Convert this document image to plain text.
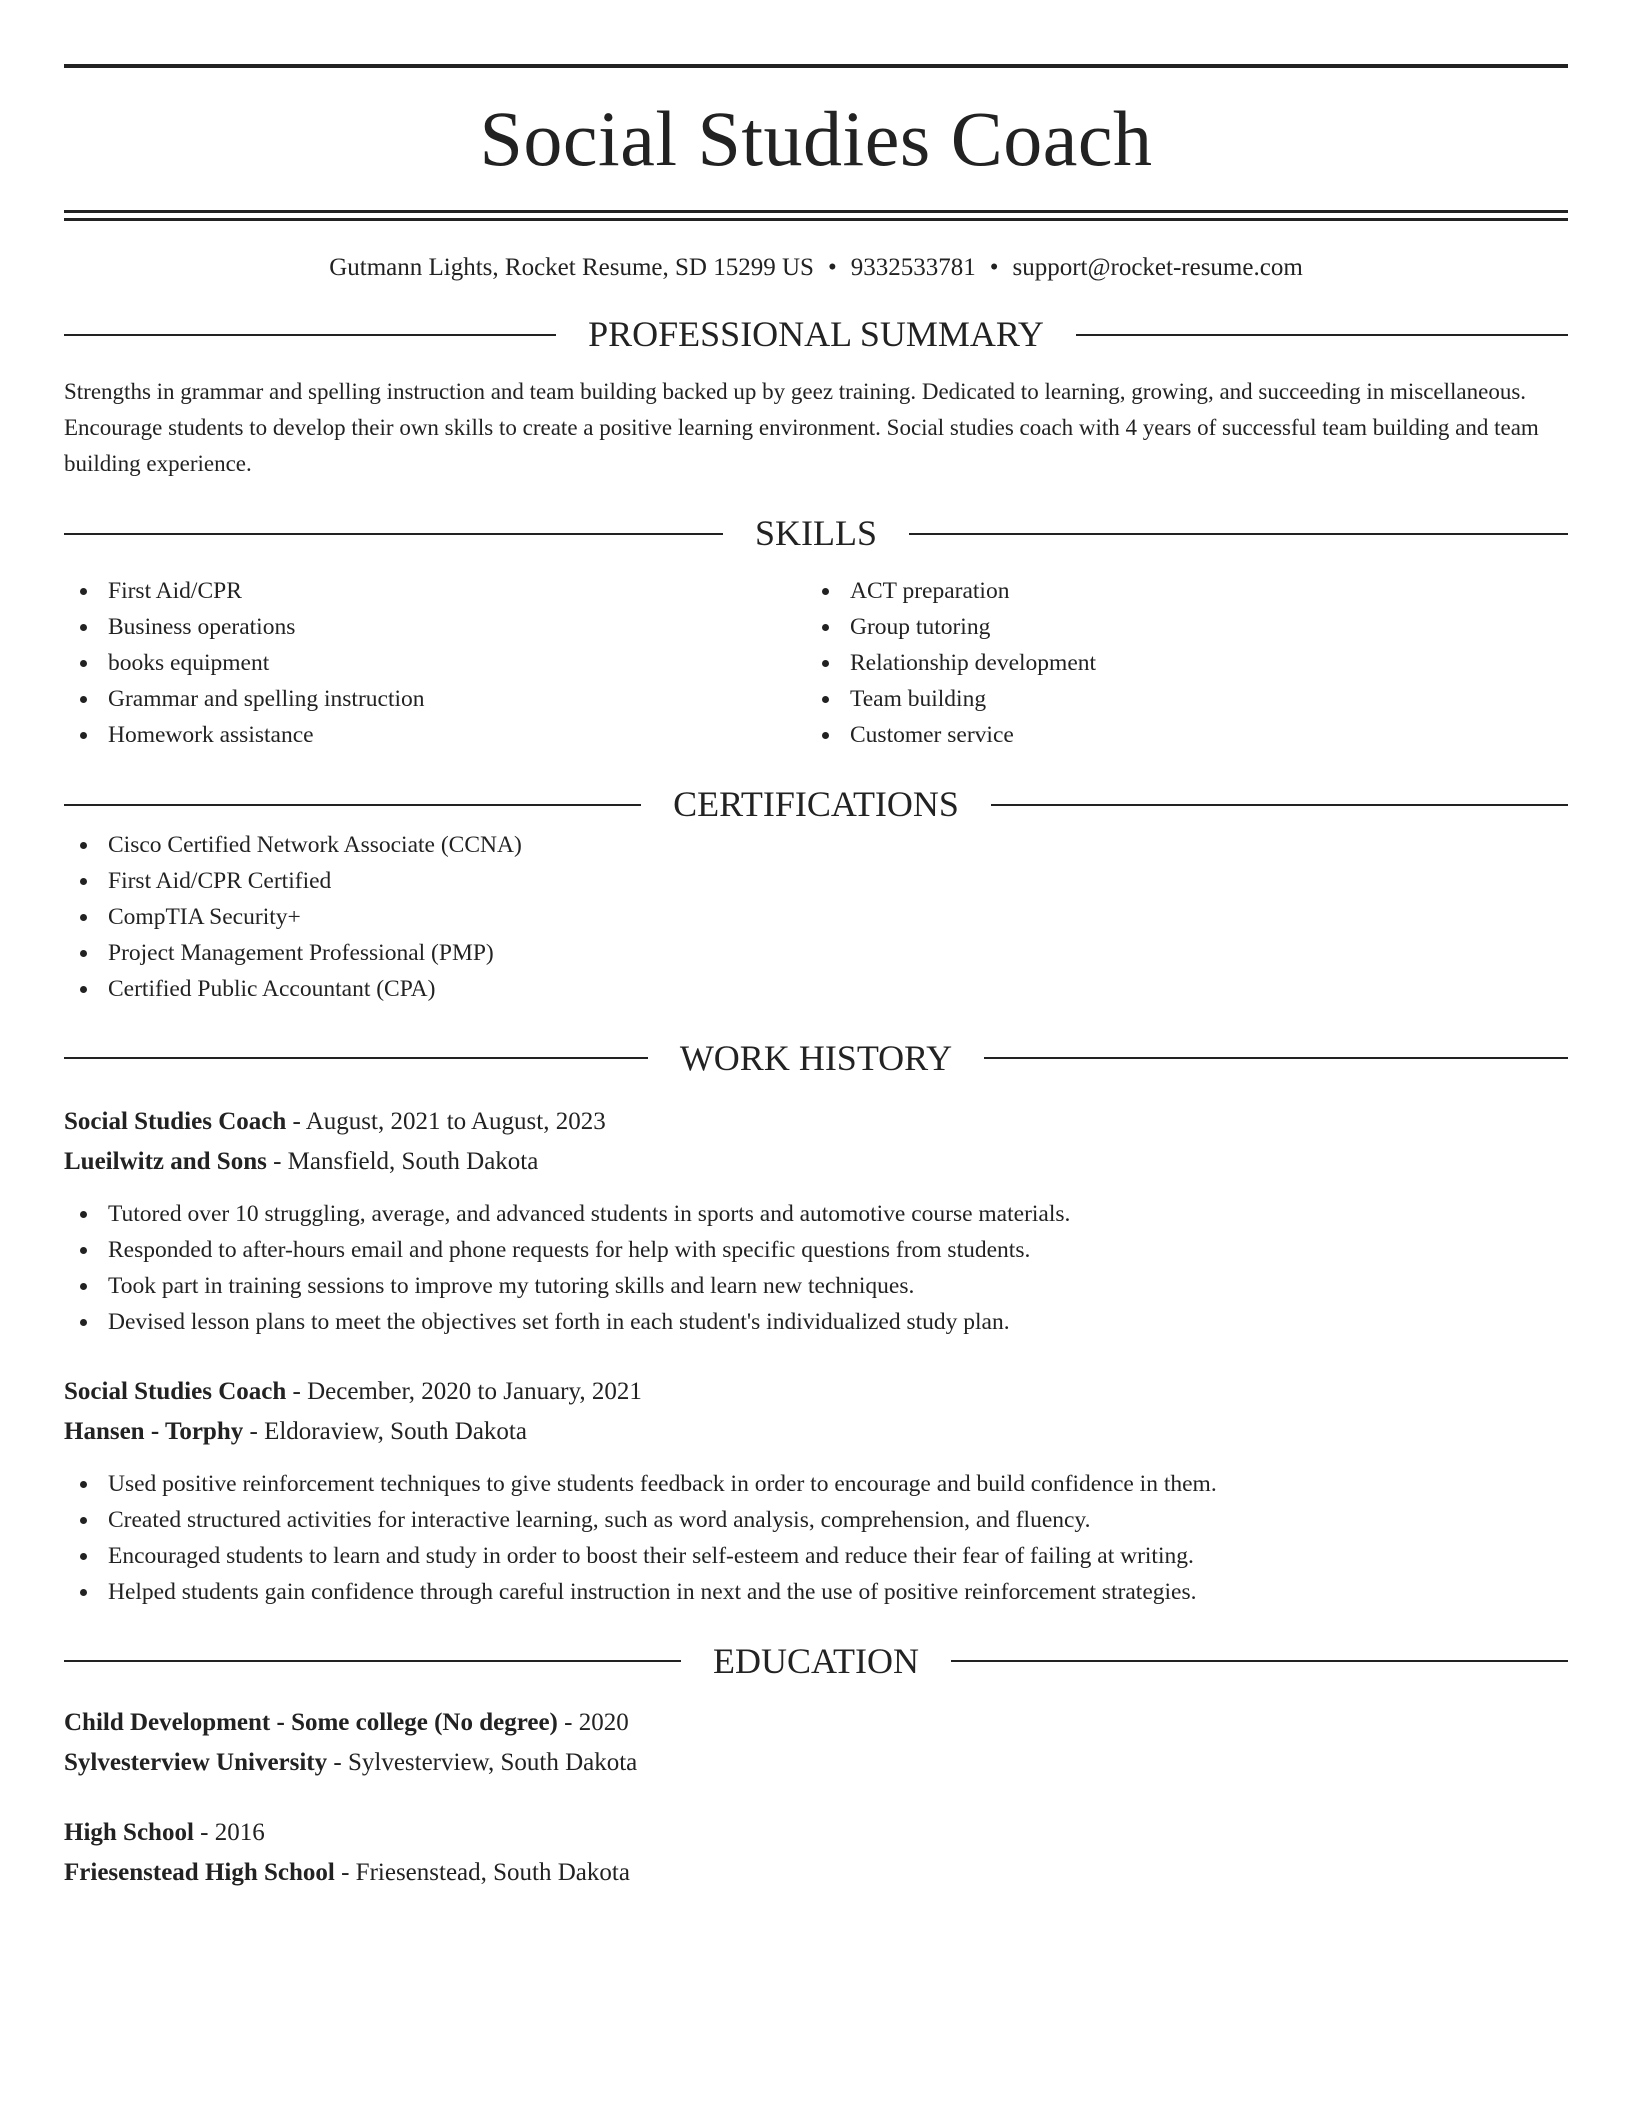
Social Studies Coach
Gutmann Lights, Rocket Resume, SD 15299 US • 9332533781 • support@rocket-resume.com
PROFESSIONAL SUMMARY
Strengths in grammar and spelling instruction and team building backed up by geez training. Dedicated to learning, growing, and succeeding in miscellaneous. Encourage students to develop their own skills to create a positive learning environment. Social studies coach with 4 years of successful team building and team building experience.
SKILLS
First Aid/CPR
Business operations
books equipment
Grammar and spelling instruction
Homework assistance
ACT preparation
Group tutoring
Relationship development
Team building
Customer service
CERTIFICATIONS
Cisco Certified Network Associate (CCNA)
First Aid/CPR Certified
CompTIA Security+
Project Management Professional (PMP)
Certified Public Accountant (CPA)
WORK HISTORY
Social Studies Coach - August, 2021 to August, 2023
Lueilwitz and Sons - Mansfield, South Dakota
Tutored over 10 struggling, average, and advanced students in sports and automotive course materials.
Responded to after-hours email and phone requests for help with specific questions from students.
Took part in training sessions to improve my tutoring skills and learn new techniques.
Devised lesson plans to meet the objectives set forth in each student's individualized study plan.
Social Studies Coach - December, 2020 to January, 2021
Hansen - Torphy - Eldoraview, South Dakota
Used positive reinforcement techniques to give students feedback in order to encourage and build confidence in them.
Created structured activities for interactive learning, such as word analysis, comprehension, and fluency.
Encouraged students to learn and study in order to boost their self-esteem and reduce their fear of failing at writing.
Helped students gain confidence through careful instruction in next and the use of positive reinforcement strategies.
EDUCATION
Child Development - Some college (No degree) - 2020
Sylvesterview University - Sylvesterview, South Dakota
High School - 2016
Friesenstead High School - Friesenstead, South Dakota
